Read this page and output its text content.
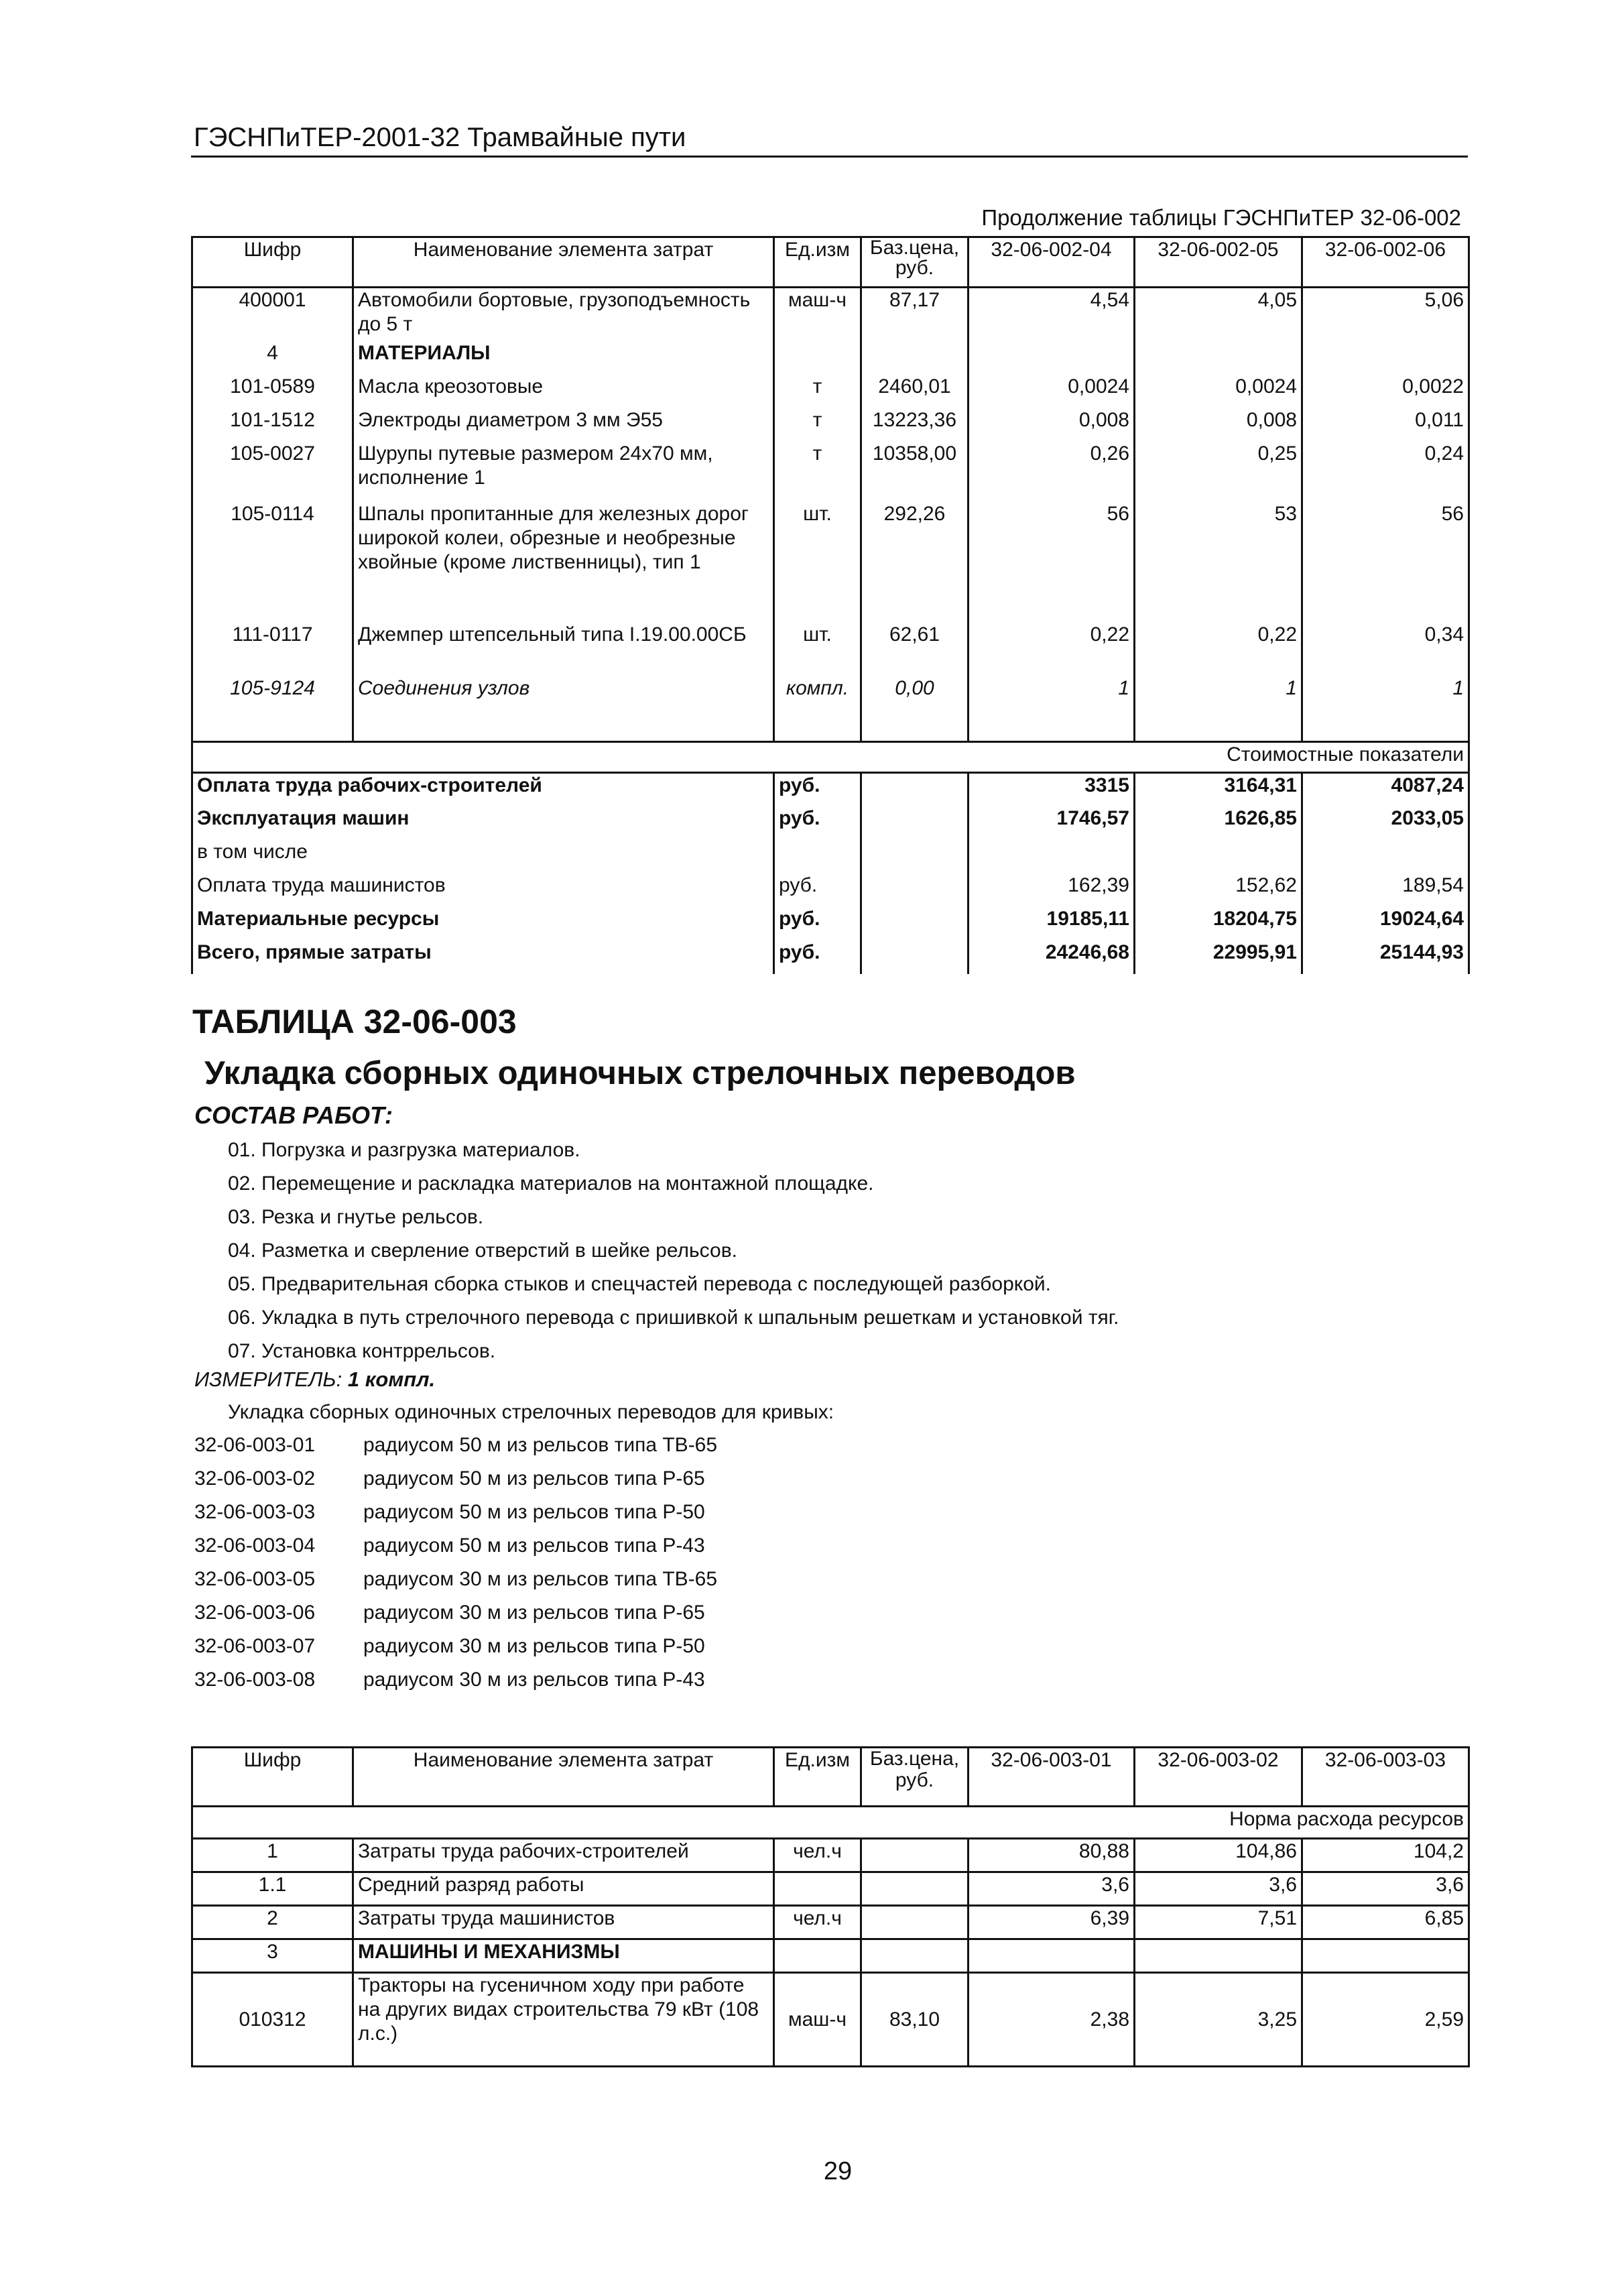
ГЭСНПиТЕР-2001-32 Трамвайные пути
Продолжение таблицы ГЭСНПиТЕР 32-06-002
Шифр	Наименование элемента затрат	Ед.изм	Баз.цена, руб.	32-06-002-04	32-06-002-05	32-06-002-06
400001	Автомобили бортовые, грузоподъемность до 5 т	маш-ч	87,17	4,54	4,05	5,06
4	МАТЕРИАЛЫ					
101-0589	Масла креозотовые	т	2460,01	0,0024	0,0024	0,0022
101-1512	Электроды диаметром 3 мм Э55	т	13223,36	0,008	0,008	0,011
105-0027	Шурупы путевые размером 24х70 мм, исполнение 1	т	10358,00	0,26	0,25	0,24
105-0114	Шпалы пропитанные для железных дорог широкой колеи, обрезные и необрезные хвойные (кроме лиственницы), тип 1	шт.	292,26	56	53	56
111-0117	Джемпер штепсельный типа I.19.00.00СБ	шт.	62,61	0,22	0,22	0,34
105-9124	Соединения узлов	компл.	0,00	1	1	1
Стоимостные показатели						
Оплата труда рабочих-строителей		руб.		3315	3164,31	4087,24
Эксплуатация машин		руб.		1746,57	1626,85	2033,05
в том числе						
Оплата труда машинистов		руб.		162,39	152,62	189,54
Материальные ресурсы		руб.		19185,11	18204,75	19024,64
Всего, прямые затраты		руб.		24246,68	22995,91	25144,93
ТАБЛИЦА 32-06-003
Укладка сборных одиночных стрелочных переводов
СОСТАВ РАБОТ:
01. Погрузка и разгрузка материалов.
02. Перемещение и раскладка материалов на монтажной площадке.
03. Резка и гнутье рельсов.
04. Разметка и сверление отверстий в шейке рельсов.
05. Предварительная сборка стыков и спецчастей перевода с последующей разборкой.
06. Укладка в путь стрелочного перевода с пришивкой к шпальным решеткам и установкой тяг.
07. Установка контррельсов.
ИЗМЕРИТЕЛЬ: 1 компл.
Укладка сборных одиночных стрелочных переводов для кривых:
32-06-003-01 радиусом 50 м из рельсов типа ТВ-65
32-06-003-02 радиусом 50 м из рельсов типа Р-65
32-06-003-03 радиусом 50 м из рельсов типа Р-50
32-06-003-04 радиусом 50 м из рельсов типа Р-43
32-06-003-05 радиусом 30 м из рельсов типа ТВ-65
32-06-003-06 радиусом 30 м из рельсов типа Р-65
32-06-003-07 радиусом 30 м из рельсов типа Р-50
32-06-003-08 радиусом 30 м из рельсов типа Р-43
Шифр	Наименование элемента затрат	Ед.изм	Баз.цена, руб.	32-06-003-01	32-06-003-02	32-06-003-03
Норма расхода ресурсов						
1	Затраты труда рабочих-строителей	чел.ч		80,88	104,86	104,2
1.1	Средний разряд работы			3,6	3,6	3,6
2	Затраты труда машинистов	чел.ч		6,39	7,51	6,85
3	МАШИНЫ И МЕХАНИЗМЫ					
010312	Тракторы на гусеничном ходу при работе на других видах строительства 79 кВт (108 л.с.)	маш-ч	83,10	2,38	3,25	2,59
29
